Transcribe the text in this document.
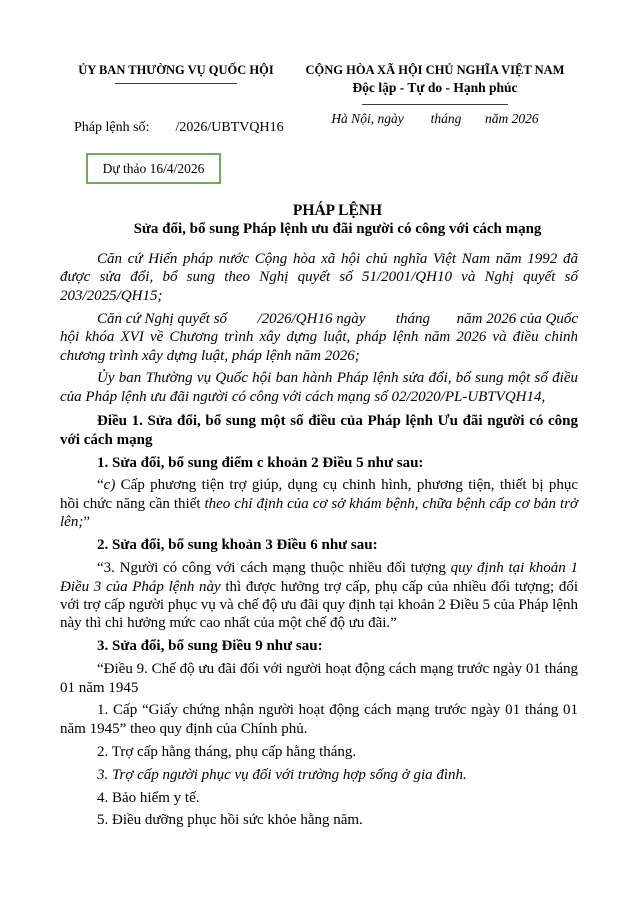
ỦY BAN THƯỜNG VỤ QUỐC HỘI
Pháp lệnh số: /2026/UBTVQH16
Dự thảo 16/4/2026
CỘNG HÒA XÃ HỘI CHỦ NGHĨA VIỆT NAM
Độc lập - Tự do - Hạnh phúc
Hà Nội, ngày        tháng       năm 2026
PHÁP LỆNH
Sửa đổi, bổ sung Pháp lệnh ưu đãi người có công với cách mạng

Căn cứ Hiến pháp nước Cộng hòa xã hội chủ nghĩa Việt Nam năm 1992 đã được sửa đổi, bổ sung theo Nghị quyết số 51/2001/QH10 và Nghị quyết số 203/2025/QH15;

Căn cứ Nghị quyết số        /2026/QH16 ngày        tháng       năm 2026 của Quốc hội khóa XVI về Chương trình xây dựng luật, pháp lệnh năm 2026 và điều chinh chương trình xây dựng luật, pháp lệnh năm 2026;

Ủy ban Thường vụ Quốc hội ban hành Pháp lệnh sửa đổi, bổ sung một số điều của Pháp lệnh ưu đãi người có công với cách mạng số 02/2020/PL-UBTVQH14,

Điều 1. Sửa đổi, bổ sung một số điều của Pháp lệnh Ưu đãi người có công với cách mạng

1. Sửa đổi, bổ sung điểm c khoản 2 Điều 5 như sau:

“c) Cấp phương tiện trợ giúp, dụng cụ chinh hình, phương tiện, thiết bị phục hồi chức năng cần thiết theo chỉ định của cơ sở khám bệnh, chữa bệnh cấp cơ bản trở lên;”

2. Sửa đổi, bổ sung khoản 3 Điều 6 như sau:

“3. Người có công với cách mạng thuộc nhiều đối tượng quy định tại khoản 1 Điều 3 của Pháp lệnh này thì được hưởng trợ cấp, phụ cấp của nhiều đối tượng; đối với trợ cấp người phục vụ và chế độ ưu đãi quy định tại khoản 2 Điều 5 của Pháp lệnh này thì chi hưởng mức cao nhất của một chế độ ưu đãi.”

3. Sửa đổi, bổ sung Điều 9 như sau:

“Điều 9. Chế độ ưu đãi đối với người hoạt động cách mạng trước ngày 01 tháng 01 năm 1945

1. Cấp “Giấy chứng nhận người hoạt động cách mạng trước ngày 01 tháng 01 năm 1945” theo quy định của Chính phủ.

2. Trợ cấp hằng tháng, phụ cấp hằng tháng.

3. Trợ cấp người phục vụ đối với trường hợp sống ở gia đình.

4. Bảo hiểm y tế.

5. Điều dưỡng phục hồi sức khỏe hằng năm.
